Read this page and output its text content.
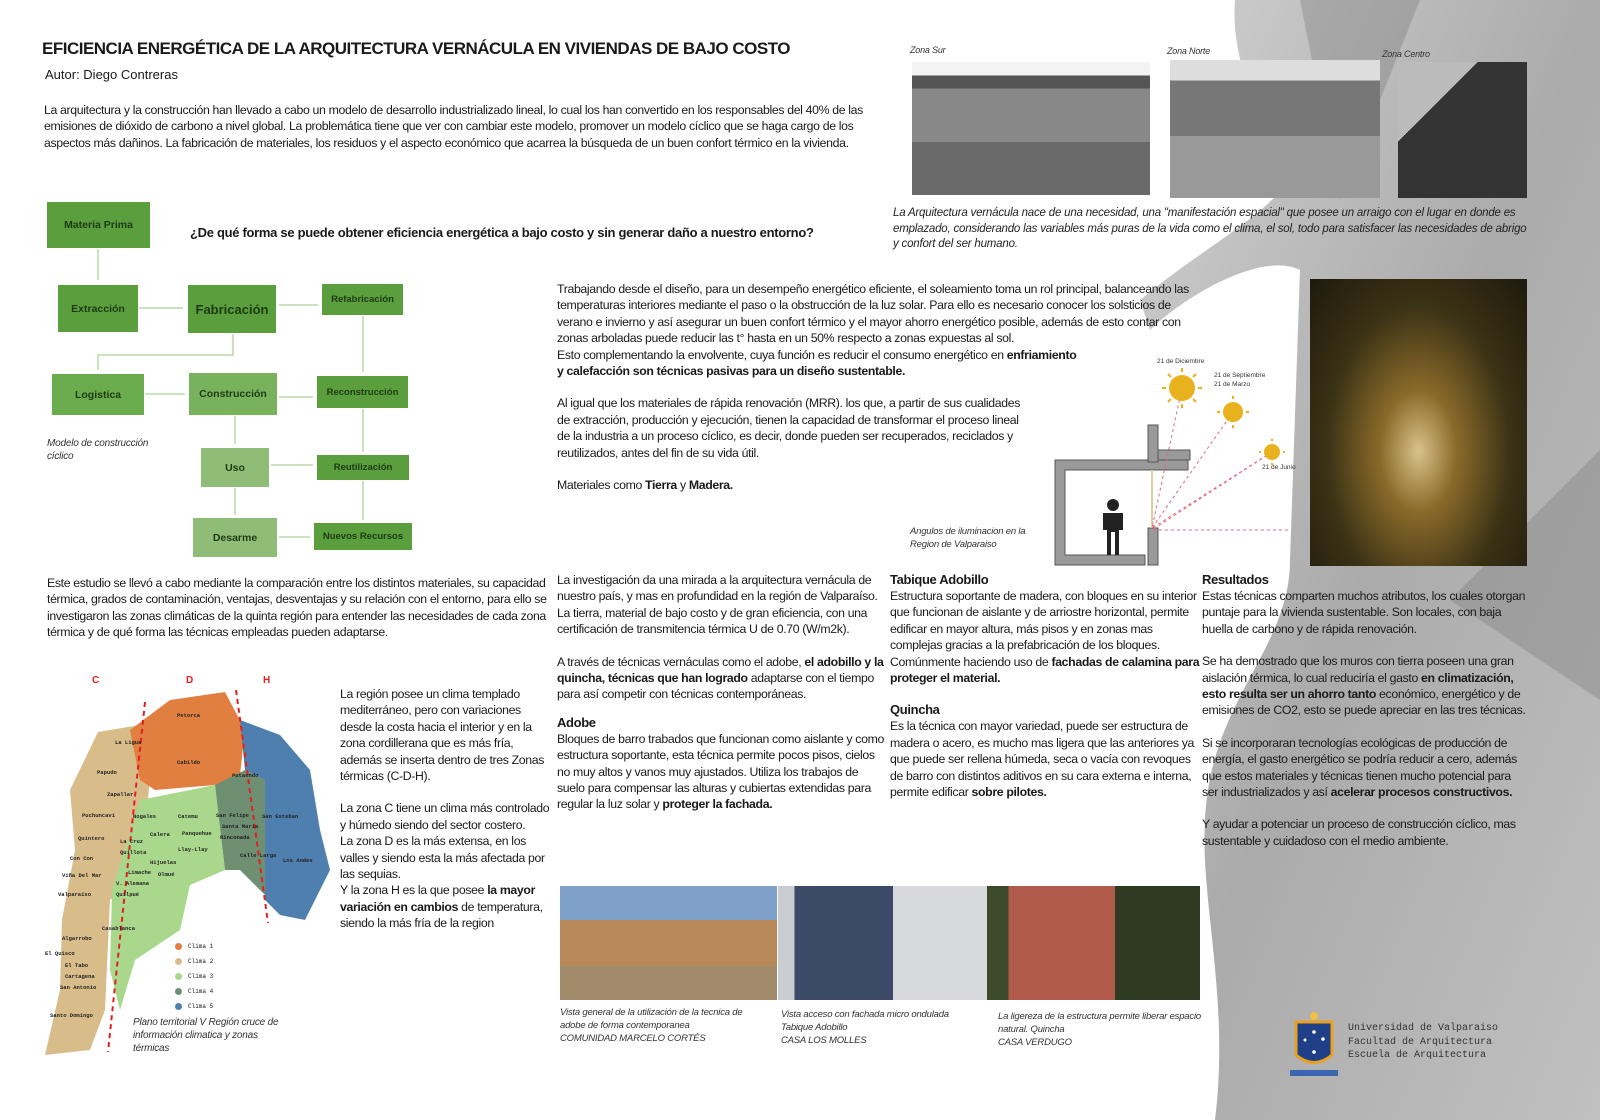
EFICIENCIA ENERGÉTICA DE LA ARQUITECTURA VERNÁCULA EN VIVIENDAS DE BAJO COSTO
Autor: Diego Contreras
La arquitectura y la construcción han llevado a cabo un modelo de desarrollo industrializado lineal, lo cual los han convertido en los responsables del 40% de las emisiones de dióxido de carbono a nivel global. La problemática tiene que ver con cambiar este modelo, promover un modelo cíclico que se haga cargo de los aspectos más dañinos. La fabricación de materiales, los residuos y el aspecto económico que acarrea la búsqueda de un buen confort térmico en la vivienda.
Zona Sur	Zona Norte	Zona Centro
La Arquitectura vernácula nace de una necesidad, una "manifestación espacial" que posee un arraigo con el lugar en donde es emplazado, considerando las variables más puras de la vida como el clima, el sol, todo para satisfacer las necesidades de abrigo y confort del ser humano.
¿De qué forma se puede obtener eficiencia energética a bajo costo y sin generar daño a nuestro entorno?
Materia Prima
Extracción	Fabricación
Refabricación
Logistica	Construcción	Reconstrucción
Uso	Reutilización
Desarme	Nuevos Recursos
Modelo de construcción cíclico
Trabajando desde el diseño, para un desempeño energético eficiente, el soleamiento toma un rol principal, balanceando las temperaturas interiores mediante el paso o la obstrucción de la luz solar. Para ello es necesario conocer los solsticios de verano e invierno y así asegurar un buen confort térmico y el mayor ahorro energético posible, además de esto contar con zonas arboladas puede reducir las t° hasta en un 50% respecto a zonas expuestas al sol.
Esto complementando la envolvente, cuya función es reducir el consumo energético en enfriamiento y calefacción son técnicas pasivas para un diseño sustentable.
Al igual que los materiales de rápida renovación (MRR). los que, a partir de sus cualidades de extracción, producción y ejecución, tienen la capacidad de transformar el proceso lineal de la industria a un proceso cíclico, es decir, donde pueden ser recuperados, reciclados y reutilizados, antes del fin de su vida útil.
Materiales como Tierra y Madera.
21 de Diciembre
21 de Septiembre
21 de Marzo
21 de Junio
Angulos de iluminacion en la Region de Valparaiso
Este estudio se llevó a cabo mediante la comparación entre los distintos materiales, su capacidad térmica, grados de contaminación, ventajas, desventajas y su relación con el entorno, para ello se investigaron las zonas climáticas de la quinta región para entender las necesidades de cada zona térmica y de qué forma las técnicas empleadas pueden adaptarse.
C	D	H
Petorca
La Ligua
Cabildo
Papudo
Zapallar
Putaendo
Puchuncaví	Nogales	Catemu	San Felipe
Santa María
San Esteban
Quintero	La Cruz
Calera Panquehue
Rinconada
Quillota	Llay-Llay
Hijuelas
Calle Larga
Los Andes
Con Con
Viña Del Mar	Limache
V. Alemana
Olmué
Quilpué
Valparaíso
Casablanca
Algarrobo
El Quisco
El Tabo
Cartagena
San Antonio
Santo Domingo
Clima 1
Clima 2
Clima 3
Clima 4
Clima 5
Plano territorial V Región cruce de información climatica y zonas térmicas
La región posee un clima templado mediterráneo, pero con variaciones desde la costa hacia el interior y en la zona cordillerana que es más fría, además se inserta dentro de tres Zonas térmicas (C-D-H).
La zona C tiene un clima más controlado y húmedo siendo del sector costero.
La zona D es la más extensa, en los valles y siendo esta la más afectada por las sequias.
Y la zona H es la que posee la mayor variación en cambios de temperatura, siendo la más fría de la region
La investigación da una mirada a la arquitectura vernácula de nuestro país, y mas en profundidad en la región de Valparaíso. La tierra, material de bajo costo y de gran eficiencia, con una certificación de transmitencia térmica U de 0.70 (W/m2k).
A través de técnicas vernáculas como el adobe, el adobillo y la quincha, técnicas que han logrado adaptarse con el tiempo para así competir con técnicas contemporáneas.
Adobe
Bloques de barro trabados que funcionan como aislante y como estructura soportante, esta técnica permite pocos pisos, cielos no muy altos y vanos muy ajustados. Utiliza los trabajos de suelo para compensar las alturas y cubiertas extendidas para regular la luz solar y proteger la fachada.
Tabique Adobillo
Estructura soportante de madera, con bloques en su interior que funcionan de aislante y de arriostre horizontal, permite edificar en mayor altura, más pisos y en zonas mas complejas gracias a la prefabricación de los bloques. Comúnmente haciendo uso de fachadas de calamina para proteger el material.
Quincha
Es la técnica con mayor variedad, puede ser estructura de madera o acero, es mucho mas ligera que las anteriores ya que puede ser rellena húmeda, seca o vacía con revoques de barro con distintos aditivos en su cara externa e interna, permite edificar sobre pilotes.
Resultados
Estas técnicas comparten muchos atributos, los cuales otorgan puntaje para la vivienda sustentable. Son locales, con baja huella de carbono y de rápida renovación.
Se ha demostrado que los muros con tierra poseen una gran aislación térmica, lo cual reduciría el gasto en climatización, esto resulta ser un ahorro tanto económico, energético y de emisiones de CO2, esto se puede apreciar en las tres técnicas.
Si se incorporaran tecnologías ecológicas de producción de energía, el gasto energético se podría reducir a cero, además que estos materiales y técnicas tienen mucho potencial para ser industrializados y así acelerar procesos constructivos.
Y ayudar a potenciar un proceso de construcción cíclico, mas sustentable y cuidadoso con el medio ambiente.
Vista general de la utilización de la tecnica de adobe de forma contemporanea
COMUNIDAD MARCELO CORTÉS
Vista acceso con fachada micro ondulada Tabique Adobillo
CASA LOS MOLLES
La ligereza de la estructura permite liberar espacio natural. Quincha
CASA VERDUGO
Universidad de Valparaiso
Facultad de Arquitectura
Escuela de Arquitectura
